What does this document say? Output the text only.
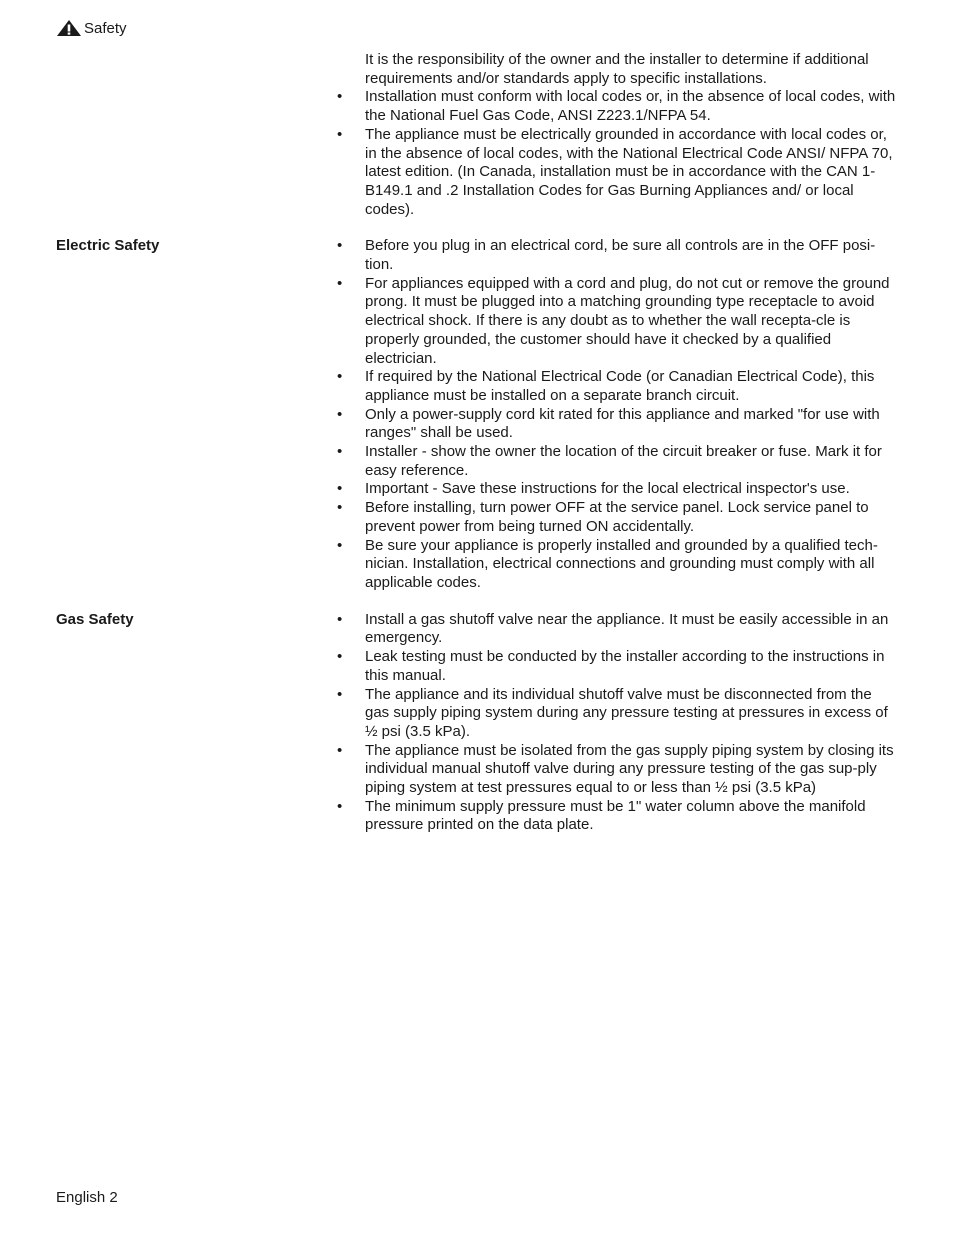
Safety

It is the responsibility of the owner and the installer to determine if additional requirements and/or standards apply to specific installations.

•	Installation must conform with local codes or, in the absence of local codes, with the National Fuel Gas Code, ANSI Z223.1/NFPA 54.
•	The appliance must be electrically grounded in accordance with local codes or, in the absence of local codes, with the National Electrical Code ANSI/ NFPA 70, latest edition. (In Canada, installation must be in accordance with the CAN 1-B149.1 and .2 Installation Codes for Gas Burning Appliances and/ or local codes).
Electric Safety	•	Before you plug in an electrical cord, be sure all controls are in the OFF posi-tion.
•	For appliances equipped with a cord and plug, do not cut or remove the ground prong. It must be plugged into a matching grounding type receptacle to avoid electrical shock. If there is any doubt as to whether the wall recepta-cle is properly grounded, the customer should have it checked by a qualified electrician.
•	If required by the National Electrical Code (or Canadian Electrical Code), this appliance must be installed on a separate branch circuit.
•	Only a power-supply cord kit rated for this appliance and marked "for use with ranges" shall be used.
•	Installer - show the owner the location of the circuit breaker or fuse. Mark it for easy reference.
•	Important - Save these instructions for the local electrical inspector's use.
•	Before installing, turn power OFF at the service panel. Lock service panel to prevent power from being turned ON accidentally.
•	Be sure your appliance is properly installed and grounded by a qualified tech-nician. Installation, electrical connections and grounding must comply with all applicable codes.
Gas Safety	•	Install a gas shutoff valve near the appliance. It must be easily accessible in an emergency.
•	Leak testing must be conducted by the installer according to the instructions in this manual.
•	The appliance and its individual shutoff valve must be disconnected from the gas supply piping system during any pressure testing at pressures in excess of ½ psi (3.5 kPa).
•	The appliance must be isolated from the gas supply piping system by closing its individual manual shutoff valve during any pressure testing of the gas sup-ply piping system at test pressures equal to or less than ½ psi (3.5 kPa)
•	The minimum supply pressure must be 1" water column above the manifold pressure printed on the data plate.
English 2
